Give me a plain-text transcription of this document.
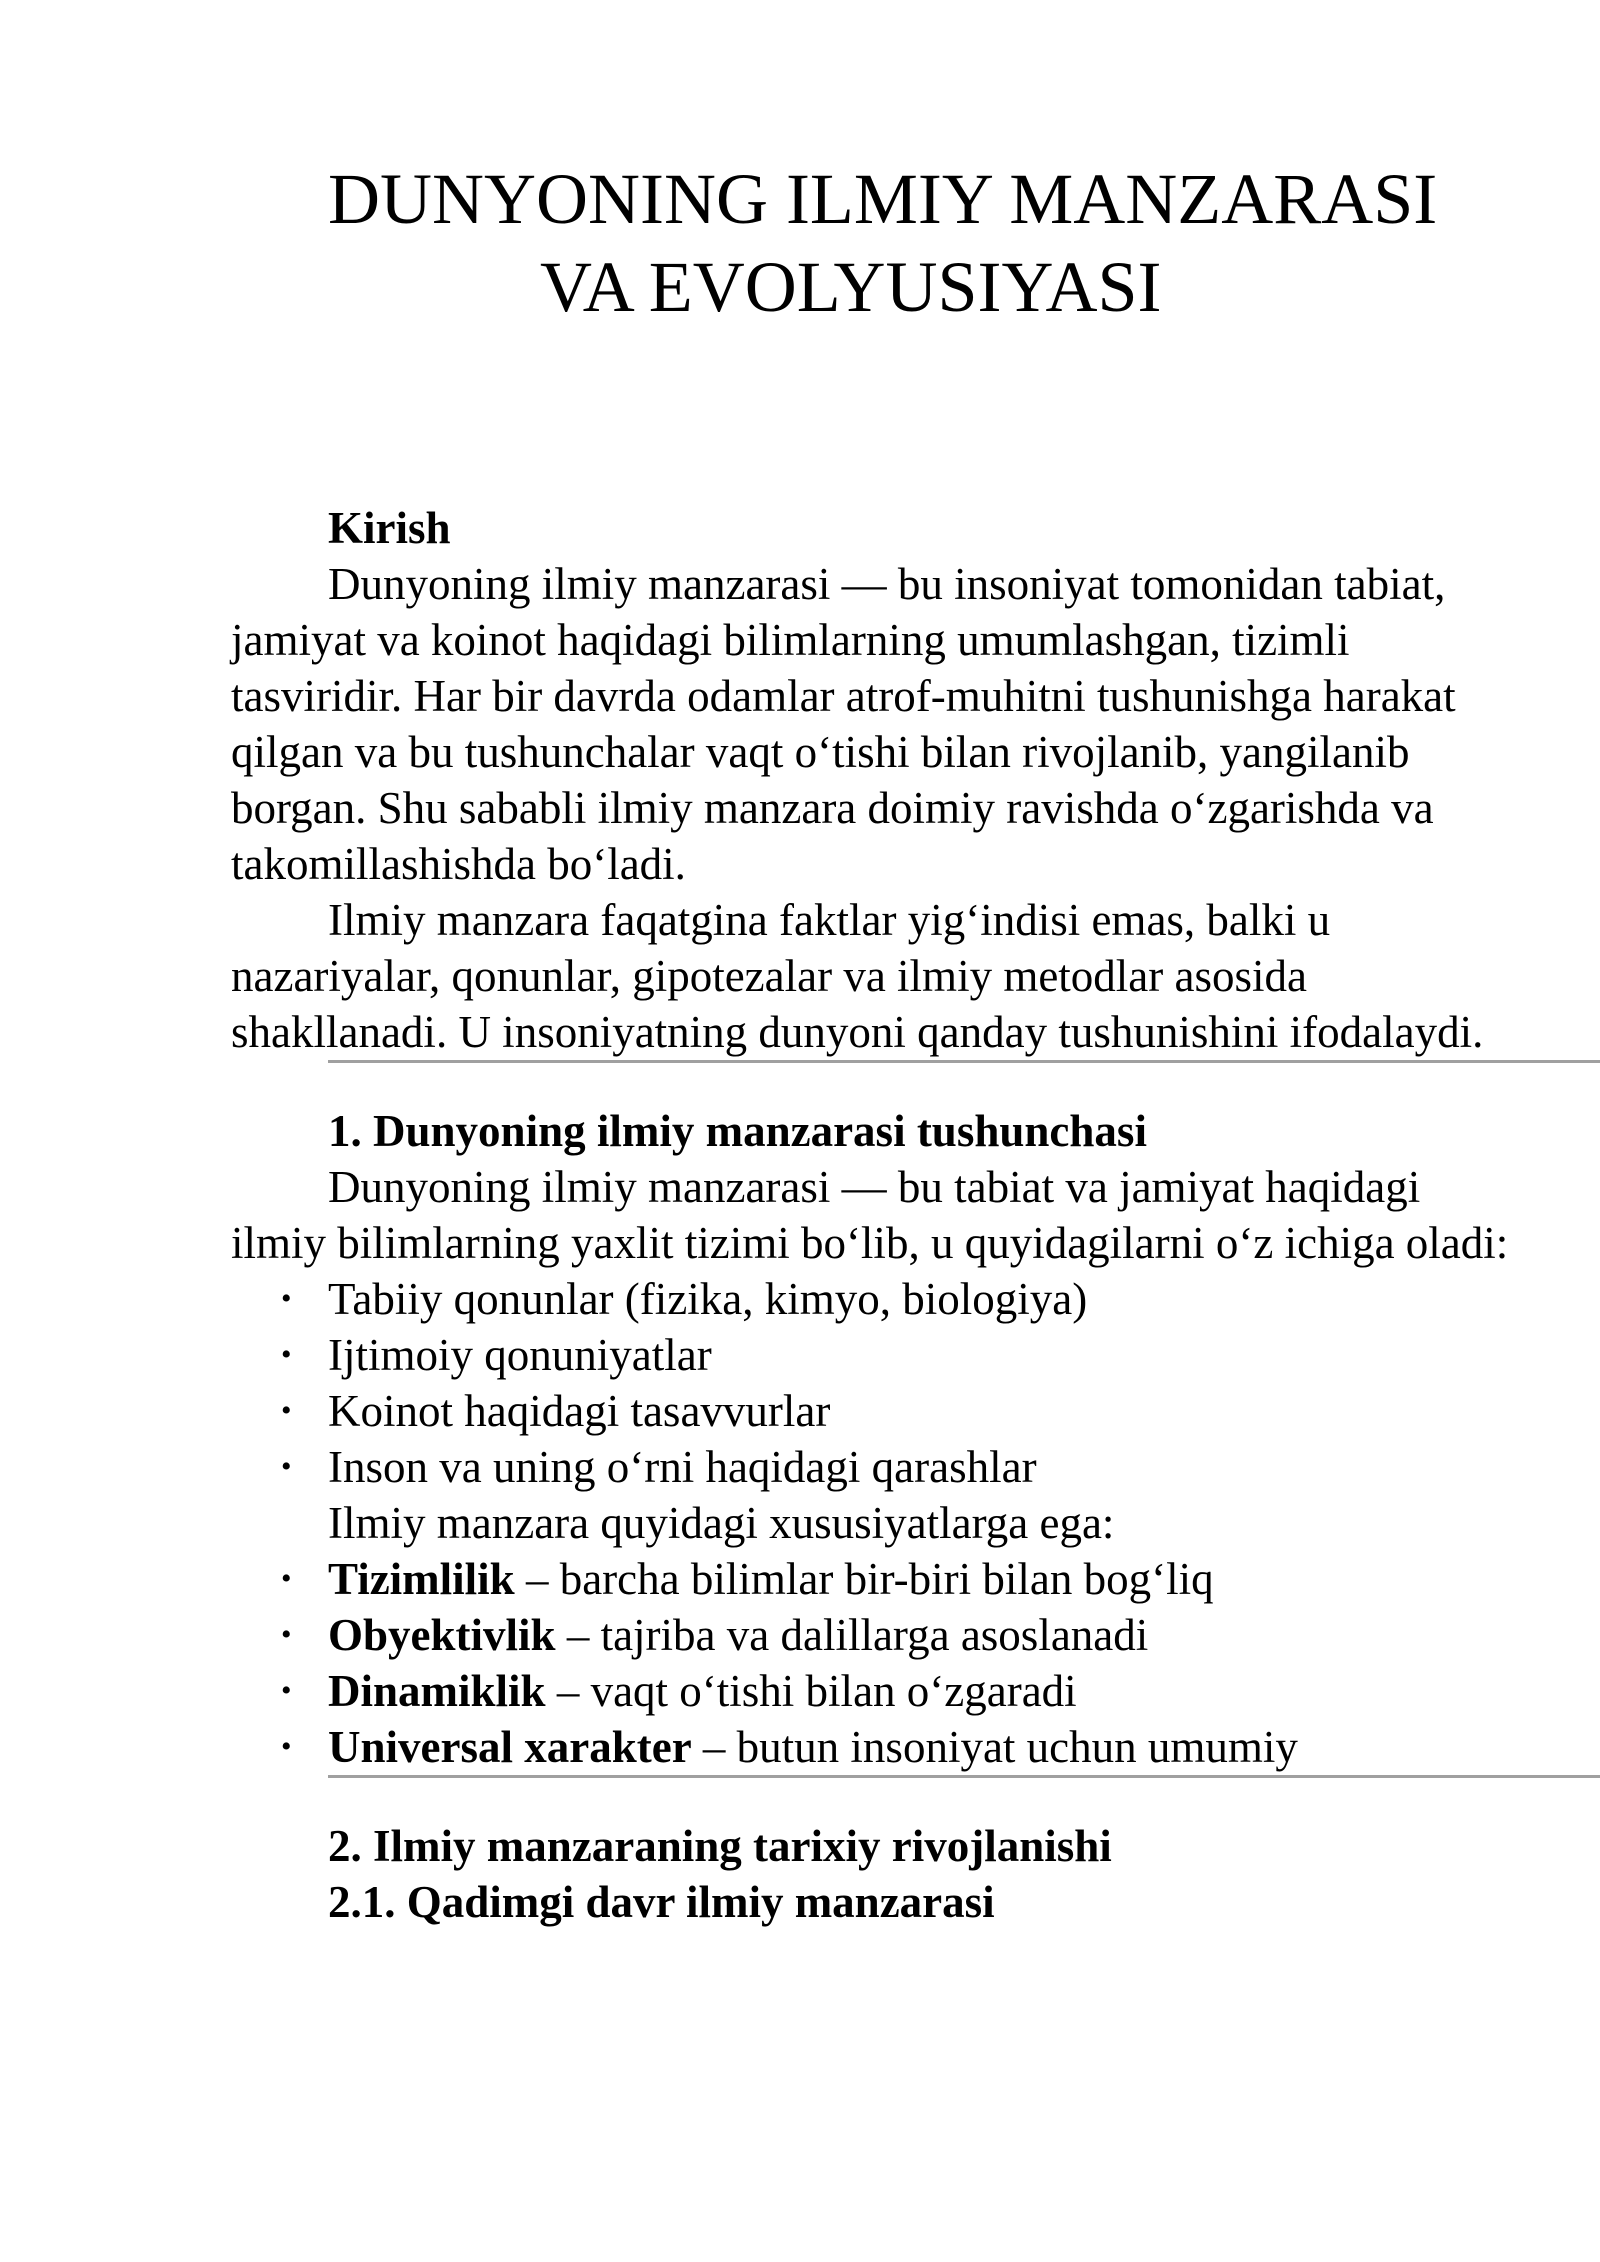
DUNYONING ILMIY MANZARASI
VA EVOLYUSIYASI
Kirish

Dunyoning ilmiy manzarasi — bu insoniyat tomonidan tabiat, jamiyat va koinot haqidagi bilimlarning umumlashgan, tizimli tasviridir. Har bir davrda odamlar atrof-muhitni tushunishga harakat qilgan va bu tushunchalar vaqt o‘tishi bilan rivojlanib, yangilanib borgan. Shu sababli ilmiy manzara doimiy ravishda o‘zgarishda va takomillashishda bo‘ladi.

Ilmiy manzara faqatgina faktlar yig‘indisi emas, balki u nazariyalar, qonunlar, gipotezalar va ilmiy metodlar asosida shakllanadi. U insoniyatning dunyoni qanday tushunishini ifodalaydi.

1. Dunyoning ilmiy manzarasi tushunchasi

Dunyoning ilmiy manzarasi — bu tabiat va jamiyat haqidagi ilmiy bilimlarning yaxlit tizimi bo‘lib, u quyidagilarni o‘z ichiga oladi:

• Tabiiy qonunlar (fizika, kimyo, biologiya)
• Ijtimoiy qonuniyatlar
• Koinot haqidagi tasavvurlar
• Inson va uning o‘rni haqidagi qarashlar

Ilmiy manzara quyidagi xususiyatlarga ega:

• Tizimlilik – barcha bilimlar bir-biri bilan bog‘liq
• Obyektivlik – tajriba va dalillarga asoslanadi
• Dinamiklik – vaqt o‘tishi bilan o‘zgaradi
• Universal xarakter – butun insoniyat uchun umumiy
2. Ilmiy manzaraning tarixiy rivojlanishi
2.1. Qadimgi davr ilmiy manzarasi
